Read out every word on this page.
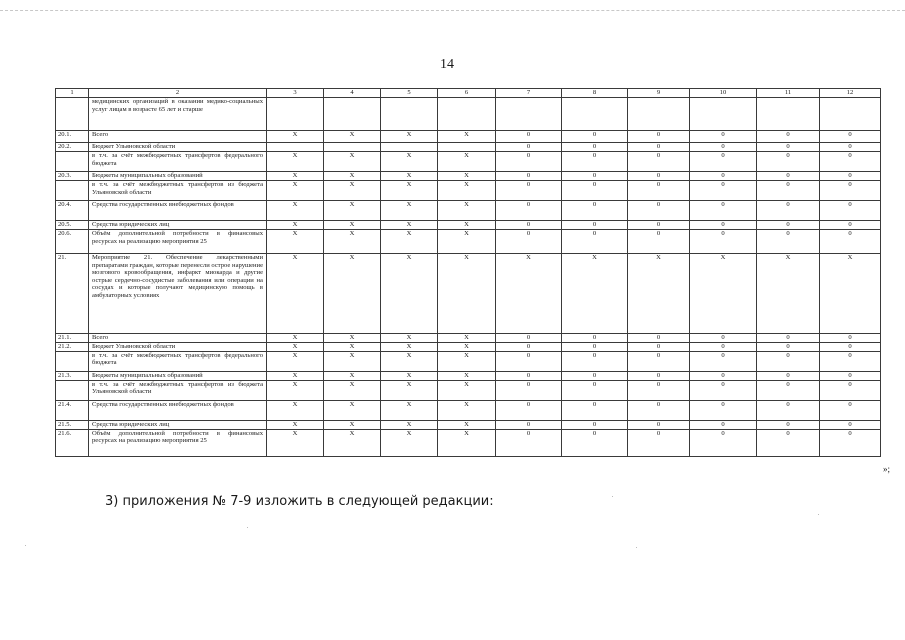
14
1	2	3	4	5	6	7	8	9	10	11	12
	медицинских организаций в оказании медико-социальных услуг лицам в возрасте 65 лет и старше										
20.1.	Всего	Х	Х	Х	Х	0	0	0	0	0	0
20.2.	Бюджет Ульяновской области					0	0	0	0	0	0
	в т.ч. за счёт межбюджетных трансфертов федерального бюджета	Х	Х	Х	Х	0	0	0	0	0	0
20.3.	Бюджеты муниципальных образований	Х	Х	Х	Х	0	0	0	0	0	0
	в т.ч. за счёт межбюджетных трансфертов из бюджета Ульяновской области	Х	Х	Х	Х	0	0	0	0	0	0
20.4.	Средства государственных внебюджетных фондов	Х	Х	Х	Х	0	0	0	0	0	0
20.5.	Средства юридических лиц	Х	Х	Х	Х	0	0	0	0	0	0
20.6.	Объём дополнительной потребности в финансовых ресурсах на реализацию мероприятия 25	Х	Х	Х	Х	0	0	0	0	0	0
21.	Мероприятие 21. Обеспечение лекарственными препаратами граждан, которые перенесли острое нарушение мозгового кровообращения, инфаркт миокарда и другие острые сердечно-сосудистые заболевания или операции на сосудах и которые получают медицинскую помощь в амбулаторных условиях	Х	Х	Х	Х	Х	Х	Х	Х	Х	Х
21.1.	Всего	Х	Х	Х	Х	0	0	0	0	0	0
21.2.	Бюджет Ульяновской области	Х	Х	Х	Х	0	0	0	0	0	0
	в т.ч. за счёт межбюджетных трансфертов федерального бюджета	Х	Х	Х	Х	0	0	0	0	0	0
21.3.	Бюджеты муниципальных образований	Х	Х	Х	Х	0	0	0	0	0	0
	в т.ч. за счёт межбюджетных трансфертов из бюджета Ульяновской области	Х	Х	Х	Х	0	0	0	0	0	0
21.4.	Средства государственных внебюджетных фондов	Х	Х	Х	Х	0	0	0	0	0	0
21.5.	Средства юридических лиц	Х	Х	Х	Х	0	0	0	0	0	0
21.6.	Объём дополнительной потребности в финансовых ресурсах на реализацию мероприятия 25	Х	Х	Х	Х	0	0	0	0	0	0
»;
3) приложения № 7-9 изложить в следующей редакции:
